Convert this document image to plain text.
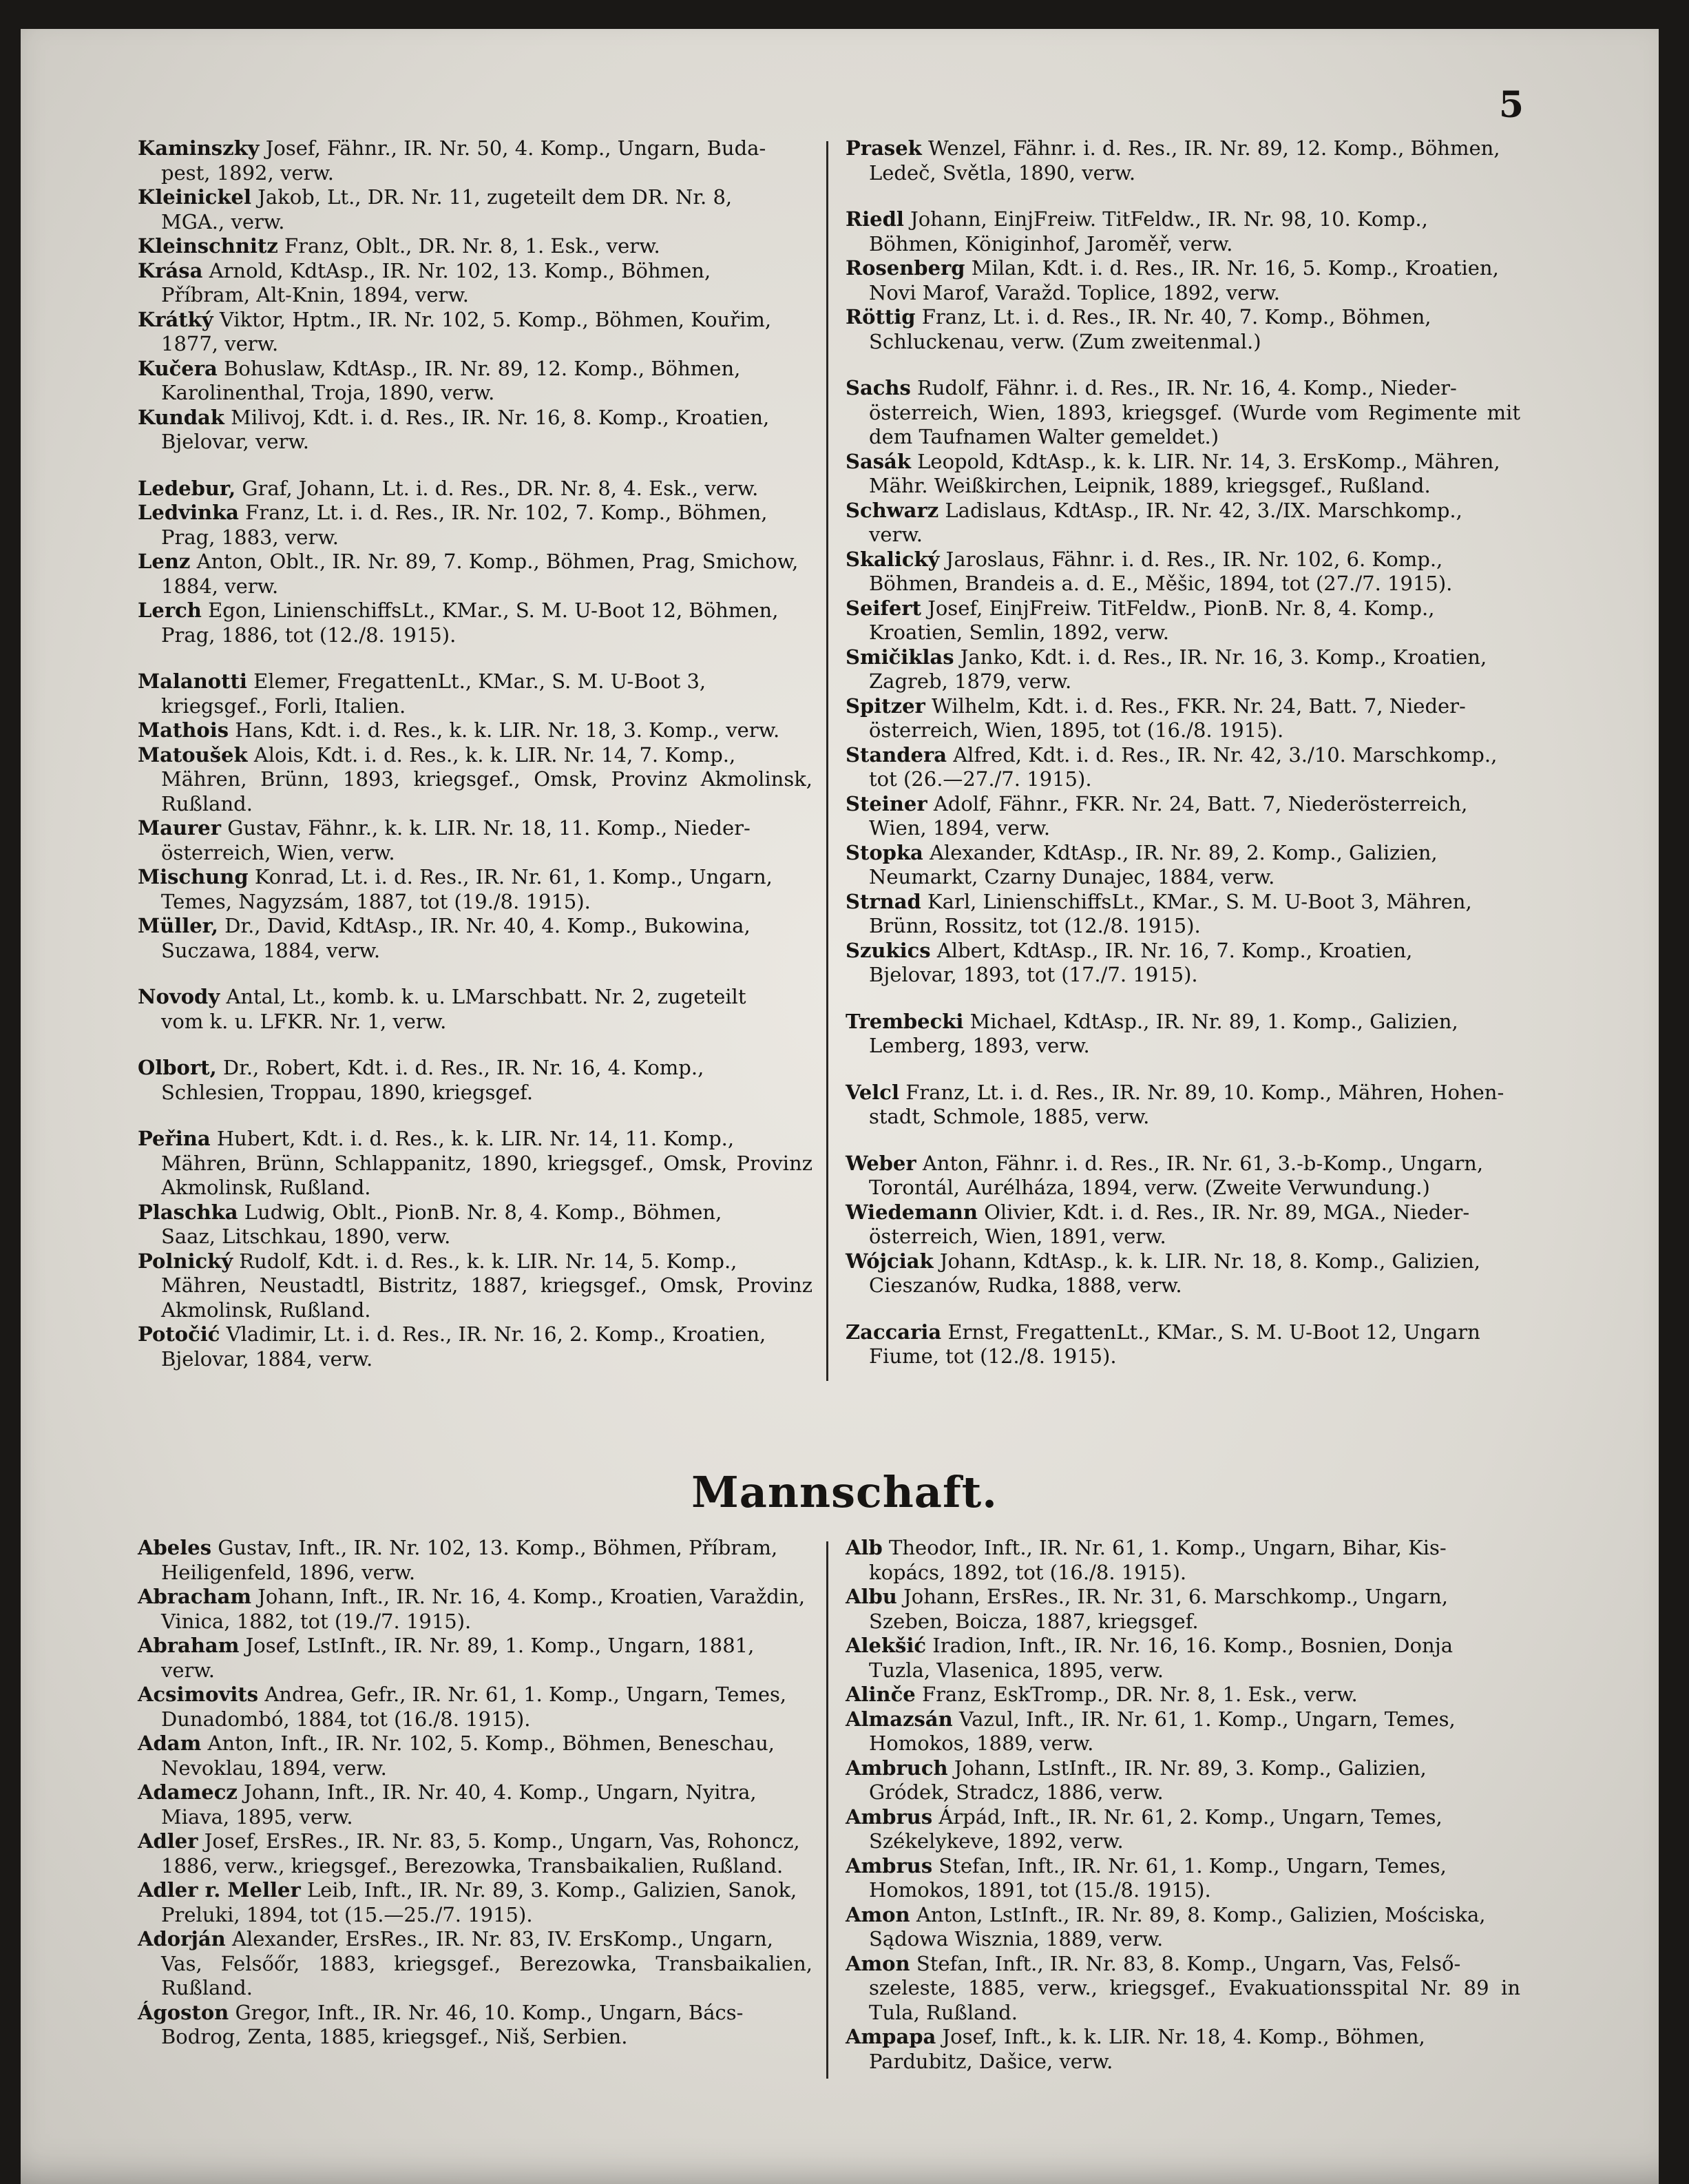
5
Kaminszky Josef, Fähnr., IR. Nr. 50, 4. Komp., Ungarn, Buda-
pest, 1892, verw.
Kleinickel Jakob, Lt., DR. Nr. 11, zugeteilt dem DR. Nr. 8,
MGA., verw.
Kleinschnitz Franz, Oblt., DR. Nr. 8, 1. Esk., verw.
Krása Arnold, KdtAsp., IR. Nr. 102, 13. Komp., Böhmen,
Příbram, Alt-Knin, 1894, verw.
Krátký Viktor, Hptm., IR. Nr. 102, 5. Komp., Böhmen, Kouřim,
1877, verw.
Kučera Bohuslaw, KdtAsp., IR. Nr. 89, 12. Komp., Böhmen,
Karolinenthal, Troja, 1890, verw.
Kundak Milivoj, Kdt. i. d. Res., IR. Nr. 16, 8. Komp., Kroatien,
Bjelovar, verw.
Ledebur, Graf, Johann, Lt. i. d. Res., DR. Nr. 8, 4. Esk., verw.
Ledvinka Franz, Lt. i. d. Res., IR. Nr. 102, 7. Komp., Böhmen,
Prag, 1883, verw.
Lenz Anton, Oblt., IR. Nr. 89, 7. Komp., Böhmen, Prag, Smichow,
1884, verw.
Lerch Egon, LinienschiffsLt., KMar., S. M. U-Boot 12, Böhmen,
Prag, 1886, tot (12./8. 1915).
Malanotti Elemer, FregattenLt., KMar., S. M. U-Boot 3,
kriegsgef., Forli, Italien.
Mathois Hans, Kdt. i. d. Res., k. k. LIR. Nr. 18, 3. Komp., verw.
Matoušek Alois, Kdt. i. d. Res., k. k. LIR. Nr. 14, 7. Komp.,
Mähren, Brünn, 1893, kriegsgef., Omsk, Provinz Akmolinsk, Rußland.
Maurer Gustav, Fähnr., k. k. LIR. Nr. 18, 11. Komp., Nieder-
österreich, Wien, verw.
Mischung Konrad, Lt. i. d. Res., IR. Nr. 61, 1. Komp., Ungarn,
Temes, Nagyzsám, 1887, tot (19./8. 1915).
Müller, Dr., David, KdtAsp., IR. Nr. 40, 4. Komp., Bukowina,
Suczawa, 1884, verw.
Novody Antal, Lt., komb. k. u. LMarschbatt. Nr. 2, zugeteilt
vom k. u. LFKR. Nr. 1, verw.
Olbort, Dr., Robert, Kdt. i. d. Res., IR. Nr. 16, 4. Komp.,
Schlesien, Troppau, 1890, kriegsgef.
Peřina Hubert, Kdt. i. d. Res., k. k. LIR. Nr. 14, 11. Komp.,
Mähren, Brünn, Schlappanitz, 1890, kriegsgef., Omsk, Provinz Akmolinsk, Rußland.
Plaschka Ludwig, Oblt., PionB. Nr. 8, 4. Komp., Böhmen,
Saaz, Litschkau, 1890, verw.
Polnický Rudolf, Kdt. i. d. Res., k. k. LIR. Nr. 14, 5. Komp.,
Mähren, Neustadtl, Bistritz, 1887, kriegsgef., Omsk, Provinz Akmolinsk, Rußland.
Potočić Vladimir, Lt. i. d. Res., IR. Nr. 16, 2. Komp., Kroatien,
Bjelovar, 1884, verw.
Prasek Wenzel, Fähnr. i. d. Res., IR. Nr. 89, 12. Komp., Böhmen,
Ledeč, Světla, 1890, verw.
Riedl Johann, EinjFreiw. TitFeldw., IR. Nr. 98, 10. Komp.,
Böhmen, Königinhof, Jaroměř, verw.
Rosenberg Milan, Kdt. i. d. Res., IR. Nr. 16, 5. Komp., Kroatien,
Novi Marof, Varažd. Toplice, 1892, verw.
Röttig Franz, Lt. i. d. Res., IR. Nr. 40, 7. Komp., Böhmen,
Schluckenau, verw. (Zum zweitenmal.)
Sachs Rudolf, Fähnr. i. d. Res., IR. Nr. 16, 4. Komp., Nieder-
österreich, Wien, 1893, kriegsgef. (Wurde vom Regimente mit dem Taufnamen Walter gemeldet.)
Sasák Leopold, KdtAsp., k. k. LIR. Nr. 14, 3. ErsKomp., Mähren,
Mähr. Weißkirchen, Leipnik, 1889, kriegsgef., Rußland.
Schwarz Ladislaus, KdtAsp., IR. Nr. 42, 3./IX. Marschkomp.,
verw.
Skalický Jaroslaus, Fähnr. i. d. Res., IR. Nr. 102, 6. Komp.,
Böhmen, Brandeis a. d. E., Měšic, 1894, tot (27./7. 1915).
Seifert Josef, EinjFreiw. TitFeldw., PionB. Nr. 8, 4. Komp.,
Kroatien, Semlin, 1892, verw.
Smičiklas Janko, Kdt. i. d. Res., IR. Nr. 16, 3. Komp., Kroatien,
Zagreb, 1879, verw.
Spitzer Wilhelm, Kdt. i. d. Res., FKR. Nr. 24, Batt. 7, Nieder-
österreich, Wien, 1895, tot (16./8. 1915).
Standera Alfred, Kdt. i. d. Res., IR. Nr. 42, 3./10. Marschkomp.,
tot (26.—27./7. 1915).
Steiner Adolf, Fähnr., FKR. Nr. 24, Batt. 7, Niederösterreich,
Wien, 1894, verw.
Stopka Alexander, KdtAsp., IR. Nr. 89, 2. Komp., Galizien,
Neumarkt, Czarny Dunajec, 1884, verw.
Strnad Karl, LinienschiffsLt., KMar., S. M. U-Boot 3, Mähren,
Brünn, Rossitz, tot (12./8. 1915).
Szukics Albert, KdtAsp., IR. Nr. 16, 7. Komp., Kroatien,
Bjelovar, 1893, tot (17./7. 1915).
Trembecki Michael, KdtAsp., IR. Nr. 89, 1. Komp., Galizien,
Lemberg, 1893, verw.
Velcl Franz, Lt. i. d. Res., IR. Nr. 89, 10. Komp., Mähren, Hohen-
stadt, Schmole, 1885, verw.
Weber Anton, Fähnr. i. d. Res., IR. Nr. 61, 3.-b-Komp., Ungarn,
Torontál, Aurélháza, 1894, verw. (Zweite Verwundung.)
Wiedemann Olivier, Kdt. i. d. Res., IR. Nr. 89, MGA., Nieder-
österreich, Wien, 1891, verw.
Wójciak Johann, KdtAsp., k. k. LIR. Nr. 18, 8. Komp., Galizien,
Cieszanów, Rudka, 1888, verw.
Zaccaria Ernst, FregattenLt., KMar., S. M. U-Boot 12, Ungarn
Fiume, tot (12./8. 1915).
Mannschaft.
Abeles Gustav, Inft., IR. Nr. 102, 13. Komp., Böhmen, Příbram,
Heiligenfeld, 1896, verw.
Abracham Johann, Inft., IR. Nr. 16, 4. Komp., Kroatien, Varaždin,
Vinica, 1882, tot (19./7. 1915).
Abraham Josef, LstInft., IR. Nr. 89, 1. Komp., Ungarn, 1881,
verw.
Acsimovits Andrea, Gefr., IR. Nr. 61, 1. Komp., Ungarn, Temes,
Dunadombó, 1884, tot (16./8. 1915).
Adam Anton, Inft., IR. Nr. 102, 5. Komp., Böhmen, Beneschau,
Nevoklau, 1894, verw.
Adamecz Johann, Inft., IR. Nr. 40, 4. Komp., Ungarn, Nyitra,
Miava, 1895, verw.
Adler Josef, ErsRes., IR. Nr. 83, 5. Komp., Ungarn, Vas, Rohoncz,
1886, verw., kriegsgef., Berezowka, Transbaikalien, Rußland.
Adler r. Meller Leib, Inft., IR. Nr. 89, 3. Komp., Galizien, Sanok,
Preluki, 1894, tot (15.—25./7. 1915).
Adorján Alexander, ErsRes., IR. Nr. 83, IV. ErsKomp., Ungarn,
Vas, Felsőőr, 1883, kriegsgef., Berezowka, Transbaikalien, Rußland.
Ágoston Gregor, Inft., IR. Nr. 46, 10. Komp., Ungarn, Bács-
Bodrog, Zenta, 1885, kriegsgef., Niš, Serbien.
Alb Theodor, Inft., IR. Nr. 61, 1. Komp., Ungarn, Bihar, Kis-
kopács, 1892, tot (16./8. 1915).
Albu Johann, ErsRes., IR. Nr. 31, 6. Marschkomp., Ungarn,
Szeben, Boicza, 1887, kriegsgef.
Alekšić Iradion, Inft., IR. Nr. 16, 16. Komp., Bosnien, Donja
Tuzla, Vlasenica, 1895, verw.
Alinče Franz, EskTromp., DR. Nr. 8, 1. Esk., verw.
Almazsán Vazul, Inft., IR. Nr. 61, 1. Komp., Ungarn, Temes,
Homokos, 1889, verw.
Ambruch Johann, LstInft., IR. Nr. 89, 3. Komp., Galizien,
Gródek, Stradcz, 1886, verw.
Ambrus Árpád, Inft., IR. Nr. 61, 2. Komp., Ungarn, Temes,
Székelykeve, 1892, verw.
Ambrus Stefan, Inft., IR. Nr. 61, 1. Komp., Ungarn, Temes,
Homokos, 1891, tot (15./8. 1915).
Amon Anton, LstInft., IR. Nr. 89, 8. Komp., Galizien, Mościska,
Sądowa Wisznia, 1889, verw.
Amon Stefan, Inft., IR. Nr. 83, 8. Komp., Ungarn, Vas, Felső-
szeleste, 1885, verw., kriegsgef., Evakuationsspital Nr. 89 in Tula, Rußland.
Ampapa Josef, Inft., k. k. LIR. Nr. 18, 4. Komp., Böhmen,
Pardubitz, Dašice, verw.
